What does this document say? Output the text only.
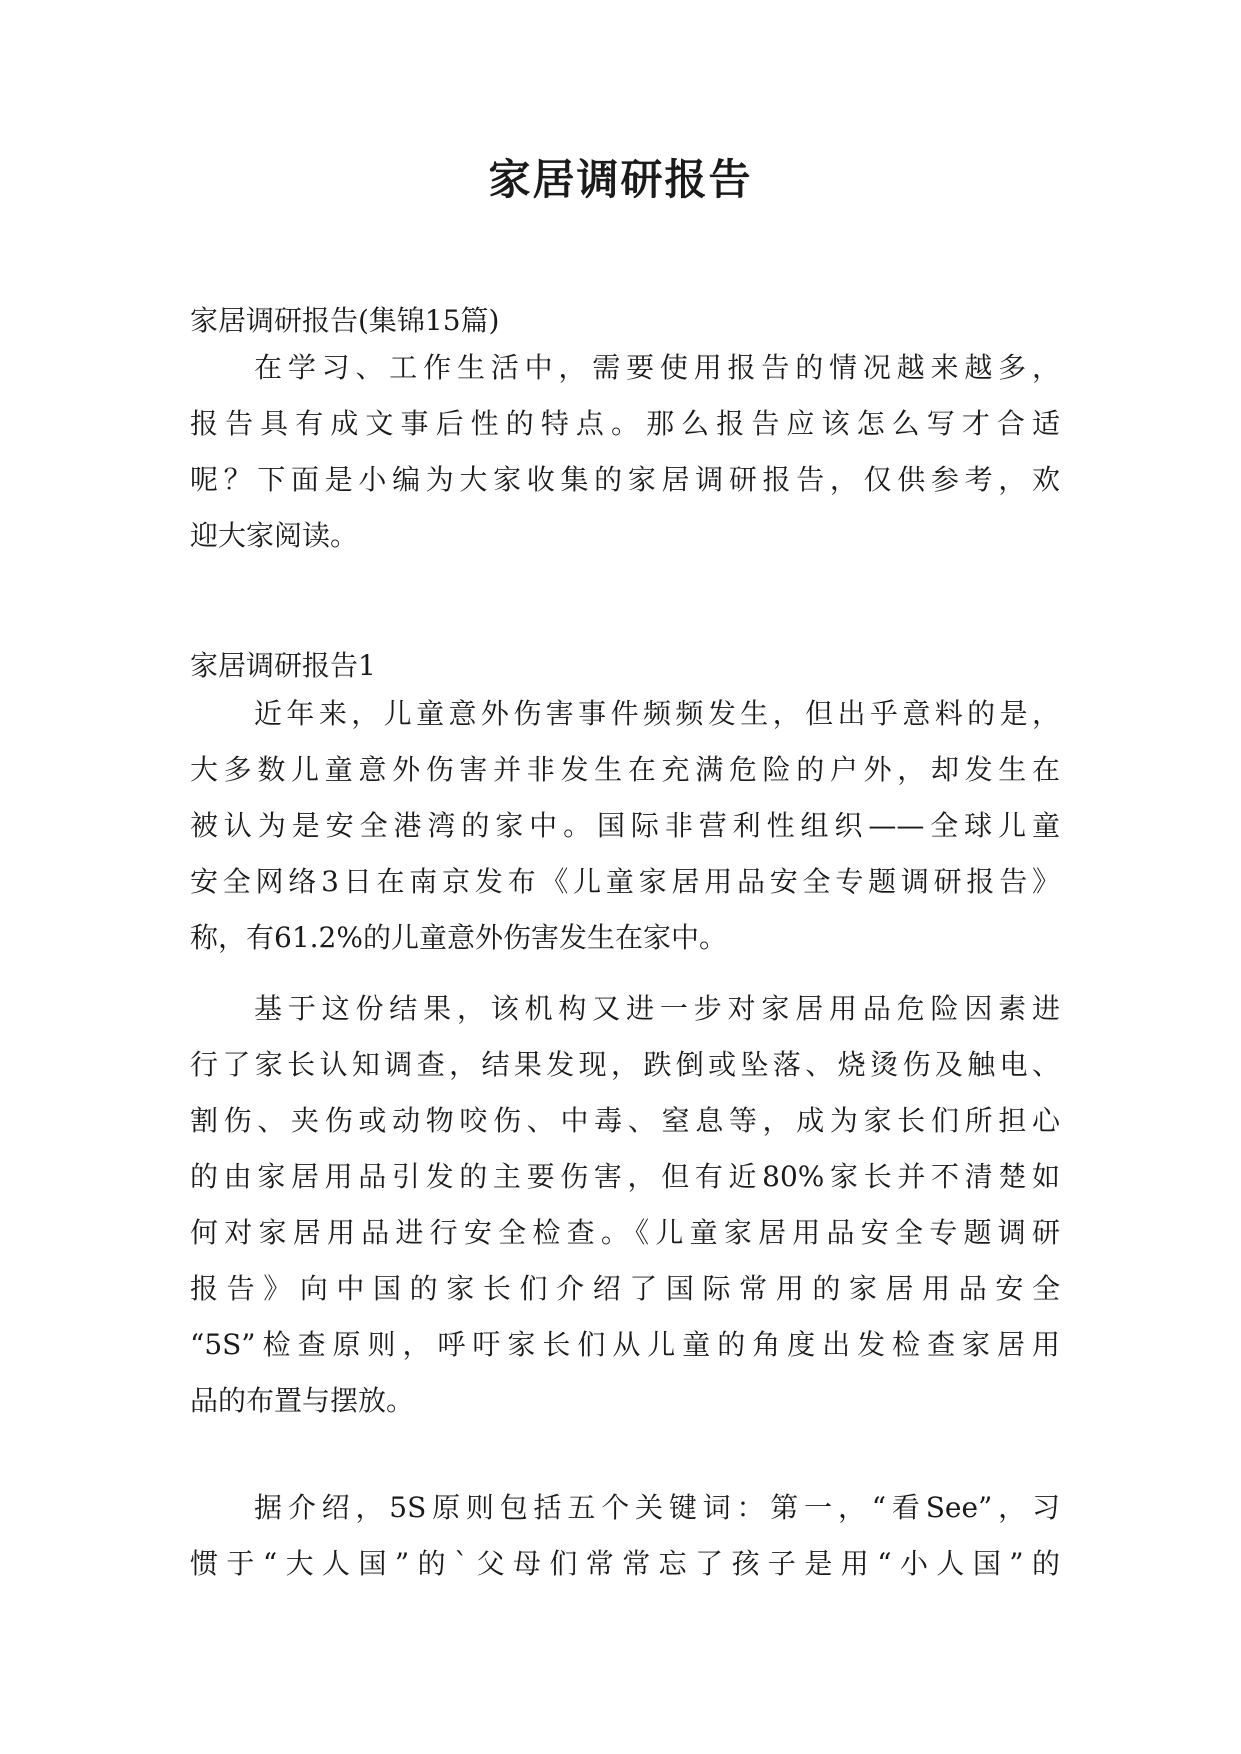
家居调研报告
家居调研报告(集锦15篇)
在学习、工作生活中，需要使用报告的情况越来越多，
报告具有成文事后性的特点。那么报告应该怎么写才合适
呢？下面是小编为大家收集的家居调研报告，仅供参考，欢
迎大家阅读。
家居调研报告1
近年来，儿童意外伤害事件频频发生，但出乎意料的是，
大多数儿童意外伤害并非发生在充满危险的户外，却发生在
被认为是安全港湾的家中。国际非营利性组织——全球儿童
安全网络3日在南京发布《儿童家居用品安全专题调研报告》
称，有61.2%的儿童意外伤害发生在家中。
基于这份结果，该机构又进一步对家居用品危险因素进
行了家长认知调查，结果发现，跌倒或坠落、烧烫伤及触电、
割伤、夹伤或动物咬伤、中毒、窒息等，成为家长们所担心
的由家居用品引发的主要伤害，但有近80%家长并不清楚如
何对家居用品进行安全检查。《儿童家居用品安全专题调研
报告》向中国的家长们介绍了国际常用的家居用品安全
“5S”检查原则，呼吁家长们从儿童的角度出发检查家居用
品的布置与摆放。
据介绍，5S原则包括五个关键词：第一，“看See”，习
惯于“大人国”的`父母们常常忘了孩子是用“小人国”的
